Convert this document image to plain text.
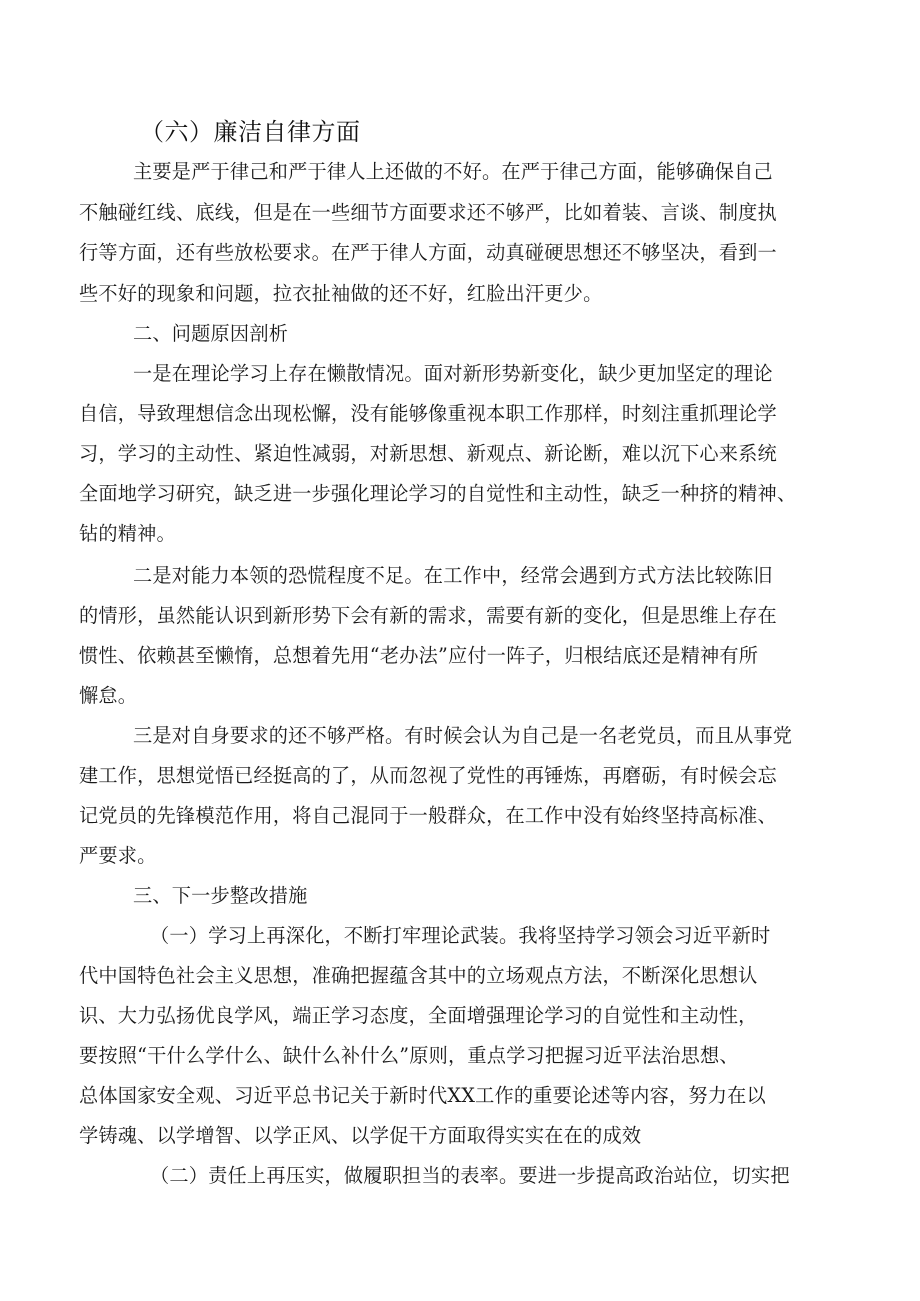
（六）廉洁自律方面
主要是严于律己和严于律人上还做的不好。在严于律己方面，能够确保自己
不触碰红线、底线，但是在一些细节方面要求还不够严，比如着装、言谈、制度执
行等方面，还有些放松要求。在严于律人方面，动真碰硬思想还不够坚决，看到一
些不好的现象和问题，拉衣扯袖做的还不好，红脸出汗更少。
二、问题原因剖析
一是在理论学习上存在懒散情况。面对新形势新变化，缺少更加坚定的理论
自信，导致理想信念出现松懈，没有能够像重视本职工作那样，时刻注重抓理论学
习，学习的主动性、紧迫性减弱，对新思想、新观点、新论断，难以沉下心来系统
全面地学习研究，缺乏进一步强化理论学习的自觉性和主动性，缺乏一种挤的精神、
钻的精神。
二是对能力本领的恐慌程度不足。在工作中，经常会遇到方式方法比较陈旧
的情形，虽然能认识到新形势下会有新的需求，需要有新的变化，但是思维上存在
惯性、依赖甚至懒惰，总想着先用“老办法”应付一阵子，归根结底还是精神有所
懈怠。
三是对自身要求的还不够严格。有时候会认为自己是一名老党员，而且从事党
建工作，思想觉悟已经挺高的了，从而忽视了党性的再锤炼，再磨砺，有时候会忘
记党员的先锋模范作用，将自己混同于一般群众，在工作中没有始终坚持高标准、
严要求。
三、下一步整改措施
（一）学习上再深化，不断打牢理论武装。我将坚持学习领会习近平新时
代中国特色社会主义思想，准确把握蕴含其中的立场观点方法，不断深化思想认
识、大力弘扬优良学风，端正学习态度，全面增强理论学习的自觉性和主动性，
要按照“干什么学什么、缺什么补什么”原则，重点学习把握习近平法治思想、
总体国家安全观、习近平总书记关于新时代XX工作的重要论述等内容，努力在以
学铸魂、以学增智、以学正风、以学促干方面取得实实在在的成效
（二）责任上再压实，做履职担当的表率。要进一步提高政治站位，切实把
